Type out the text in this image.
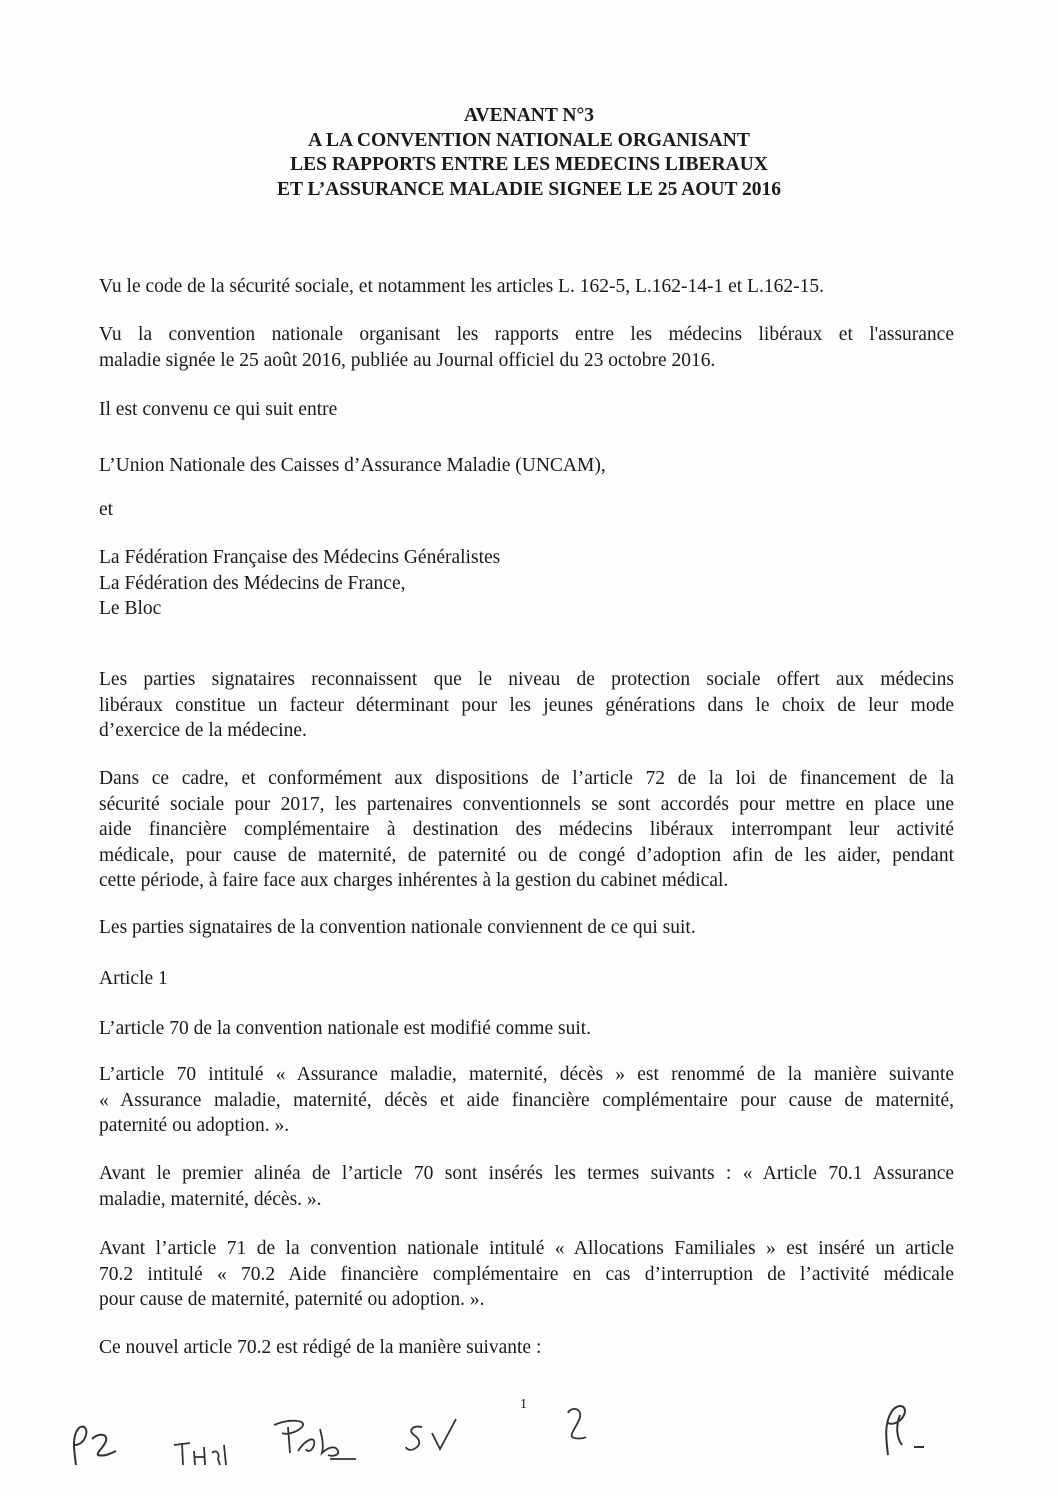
AVENANT N°3
A LA CONVENTION NATIONALE ORGANISANT
LES RAPPORTS ENTRE LES MEDECINS LIBERAUX
ET L’ASSURANCE MALADIE SIGNEE LE 25 AOUT 2016
Vu le code de la sécurité sociale, et notamment les articles L. 162-5, L.162-14-1 et L.162-15.
Vu la convention nationale organisant les rapports entre les médecins libéraux et l'assurance
maladie signée le 25 août 2016, publiée au Journal officiel du 23 octobre 2016.
Il est convenu ce qui suit entre
L’Union Nationale des Caisses d’Assurance Maladie (UNCAM),
et
La Fédération Française des Médecins Généralistes
La Fédération des Médecins de France,
Le Bloc
Les parties signataires reconnaissent que le niveau de protection sociale offert aux médecins
libéraux constitue un facteur déterminant pour les jeunes générations dans le choix de leur mode
d’exercice de la médecine.
Dans ce cadre, et conformément aux dispositions de l’article 72 de la loi de financement de la
sécurité sociale pour 2017, les partenaires conventionnels se sont accordés pour mettre en place une
aide financière complémentaire à destination des médecins libéraux interrompant leur activité
médicale, pour cause de maternité, de paternité ou de congé d’adoption afin de les aider, pendant
cette période, à faire face aux charges inhérentes à la gestion du cabinet médical.
Les parties signataires de la convention nationale conviennent de ce qui suit.
Article 1
L’article 70 de la convention nationale est modifié comme suit.
L’article 70 intitulé « Assurance maladie, maternité, décès » est renommé de la manière suivante
« Assurance maladie, maternité, décès et aide financière complémentaire pour cause de maternité,
paternité ou adoption. ».
Avant le premier alinéa de l’article 70 sont insérés les termes suivants : « Article 70.1 Assurance
maladie, maternité, décès. ».
Avant l’article 71 de la convention nationale intitulé « Allocations Familiales » est inséré un article
70.2 intitulé « 70.2 Aide financière complémentaire en cas d’interruption de l’activité médicale
pour cause de maternité, paternité ou adoption. ».
Ce nouvel article 70.2 est rédigé de la manière suivante :
1
